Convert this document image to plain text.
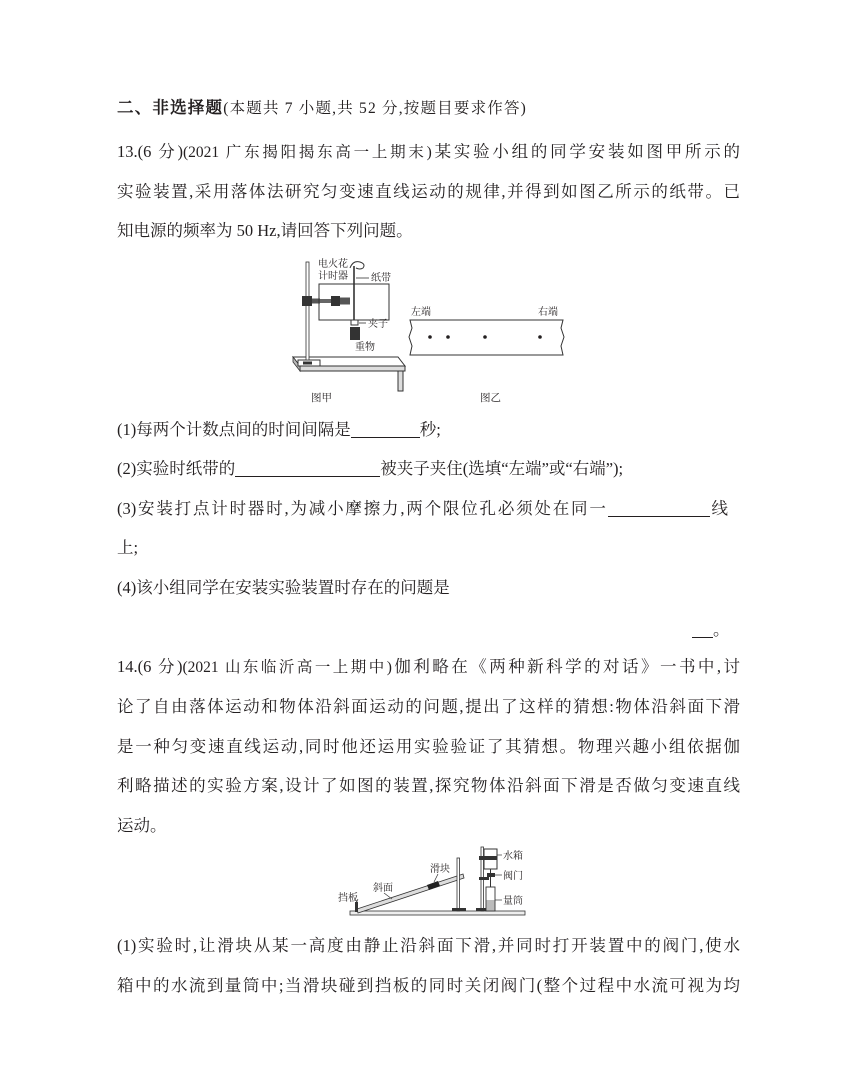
二、非选择题(本题共 7 小题,共 52 分,按题目要求作答)
13.(6 分)(2021 广东揭阳揭东高一上期末)某实验小组的同学安装如图甲所示的
实验装置,采用落体法研究匀变速直线运动的规律,并得到如图乙所示的纸带。已
知电源的频率为 50 Hz,请回答下列问题。
电火花
计时器 纸带
夹子
重物
图甲
左端	右端
图乙
(1)每两个计数点间的时间间隔是	秒;
(2)实验时纸带的	被夹子夹住(选填“左端”或“右端”);
(3)安装打点计时器时,为减小摩擦力,两个限位孔必须处在同一	线
上;
(4)该小组同学在安装实验装置时存在的问题是
。
14.(6 分)(2021 山东临沂高一上期中)伽利略在《两种新科学的对话》一书中,讨
论了自由落体运动和物体沿斜面运动的问题,提出了这样的猜想:物体沿斜面下滑
是一种匀变速直线运动,同时他还运用实验验证了其猜想。物理兴趣小组依据伽
利略描述的实验方案,设计了如图的装置,探究物体沿斜面下滑是否做匀变速直线
运动。
挡板
斜面
滑块
水箱
阀门
量筒
(1)实验时,让滑块从某一高度由静止沿斜面下滑,并同时打开装置中的阀门,使水
箱中的水流到量筒中;当滑块碰到挡板的同时关闭阀门(整个过程中水流可视为均
